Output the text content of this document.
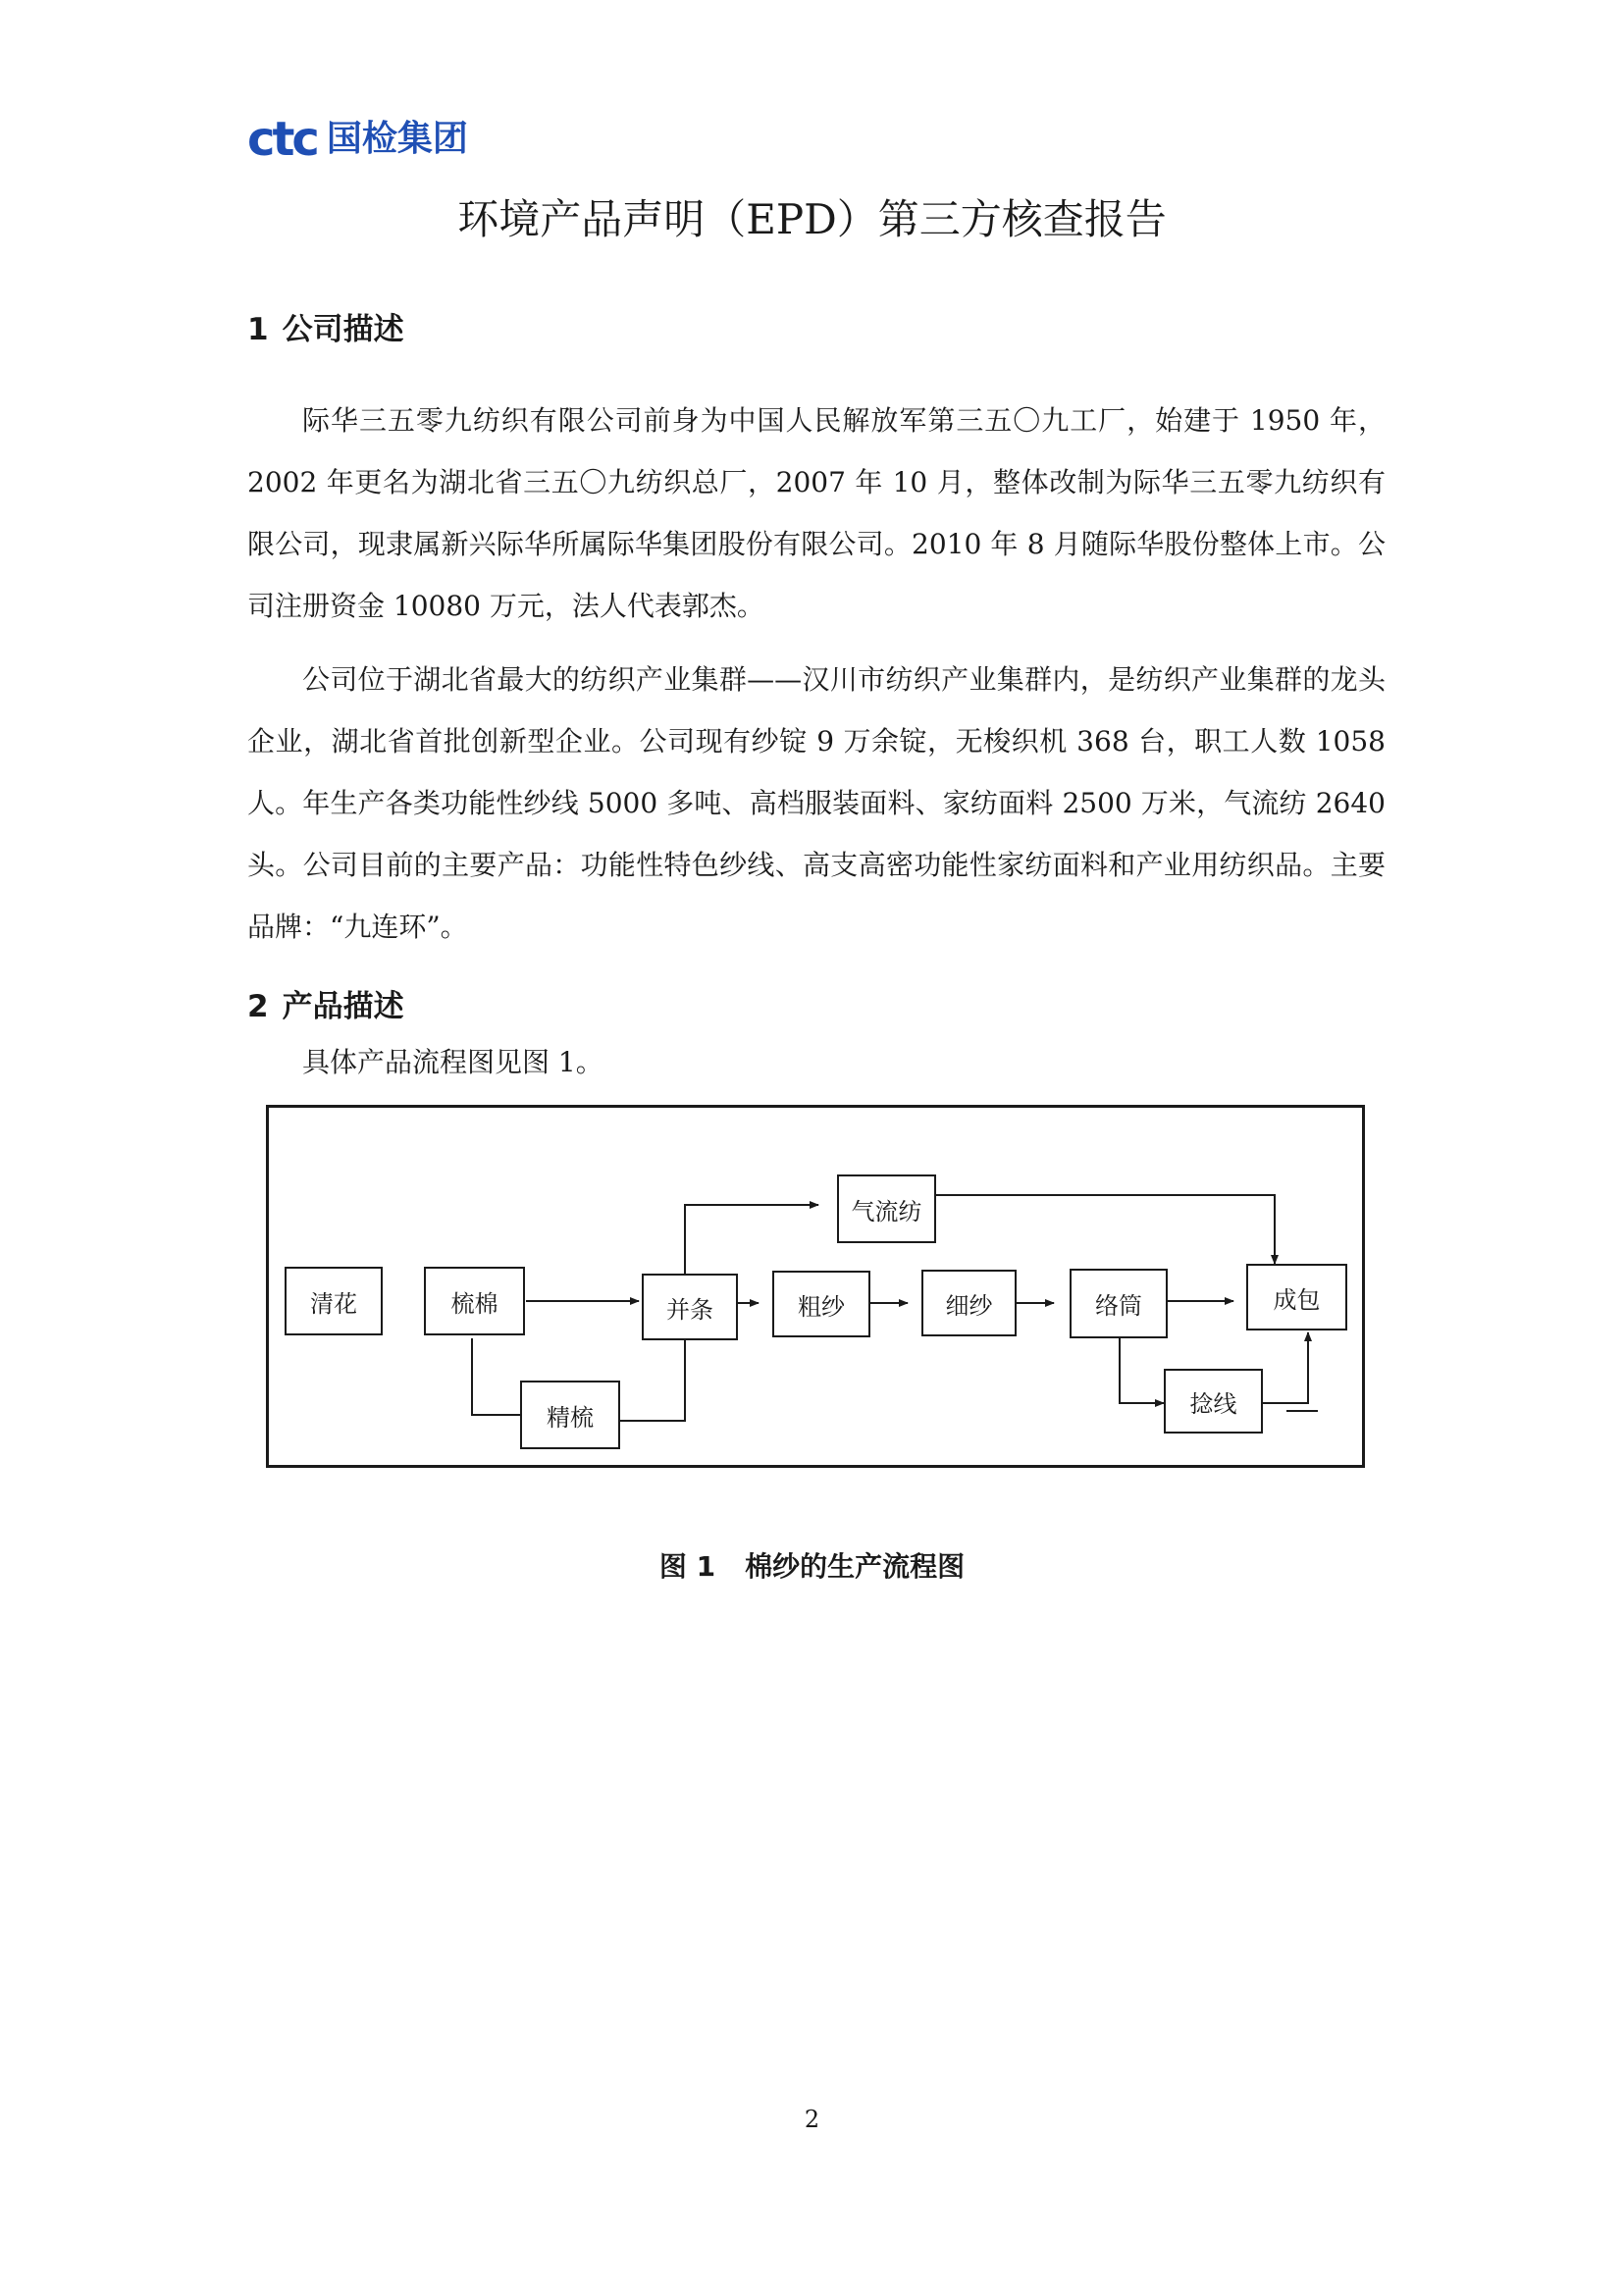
ctc 国检集团
环境产品声明（EPD）第三方核查报告
1 公司描述

际华三五零九纺织有限公司前身为中国人民解放军第三五〇九工厂，始建于 1950 年，2002 年更名为湖北省三五〇九纺织总厂，2007 年 10 月，整体改制为际华三五零九纺织有限公司，现隶属新兴际华所属际华集团股份有限公司。2010 年 8 月随际华股份整体上市。公司注册资金 10080 万元，法人代表郭杰。

公司位于湖北省最大的纺织产业集群——汉川市纺织产业集群内，是纺织产业集群的龙头企业，湖北省首批创新型企业。公司现有纱锭 9 万余锭，无梭织机 368 台，职工人数 1058 人。年生产各类功能性纱线 5000 多吨、高档服装面料、家纺面料 2500 万米，气流纺 2640 头。公司目前的主要产品：功能性特色纱线、高支高密功能性家纺面料和产业用纺织品。主要品牌：“九连环”。

2 产品描述
具体产品流程图见图 1。
清花	梳棉
精梳
并条
气流纺
粗纱	细纱	络筒
捻线
成包
图 1 棉纱的生产流程图
2
